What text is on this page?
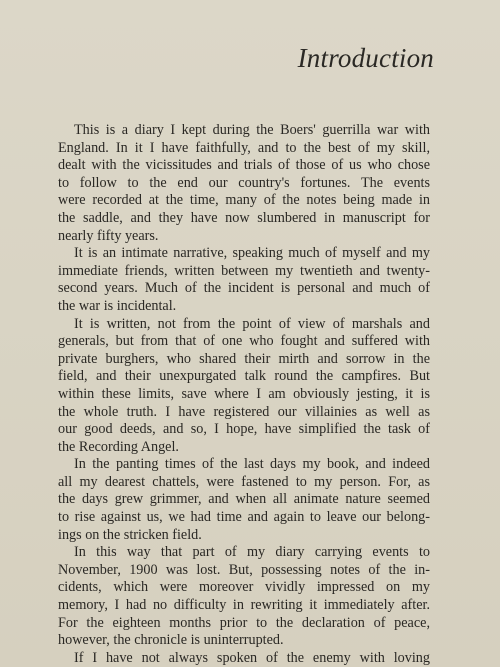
Introduction

This is a diary I kept during the Boers' guerrilla war with
England. In it I have faithfully, and to the best of my skill,
dealt with the vicissitudes and trials of those of us who chose
to follow to the end our country's fortunes. The events
were recorded at the time, many of the notes being made in
the saddle, and they have now slumbered in manuscript for
nearly fifty years.

It is an intimate narrative, speaking much of myself and my
immediate friends, written between my twentieth and twenty-
second years. Much of the incident is personal and much of
the war is incidental.

It is written, not from the point of view of marshals and
generals, but from that of one who fought and suffered with
private burghers, who shared their mirth and sorrow in the
field, and their unexpurgated talk round the campfires. But
within these limits, save where I am obviously jesting, it is
the whole truth. I have registered our villainies as well as
our good deeds, and so, I hope, have simplified the task of
the Recording Angel.

In the panting times of the last days my book, and indeed
all my dearest chattels, were fastened to my person. For, as
the days grew grimmer, and when all animate nature seemed
to rise against us, we had time and again to leave our belong-
ings on the stricken field.

In this way that part of my diary carrying events to
November, 1900 was lost. But, possessing notes of the in-
cidents, which were moreover vividly impressed on my
memory, I had no difficulty in rewriting it immediately after.
For the eighteen months prior to the declaration of peace,
however, the chronicle is uninterrupted.

If I have not always spoken of the enemy with loving
